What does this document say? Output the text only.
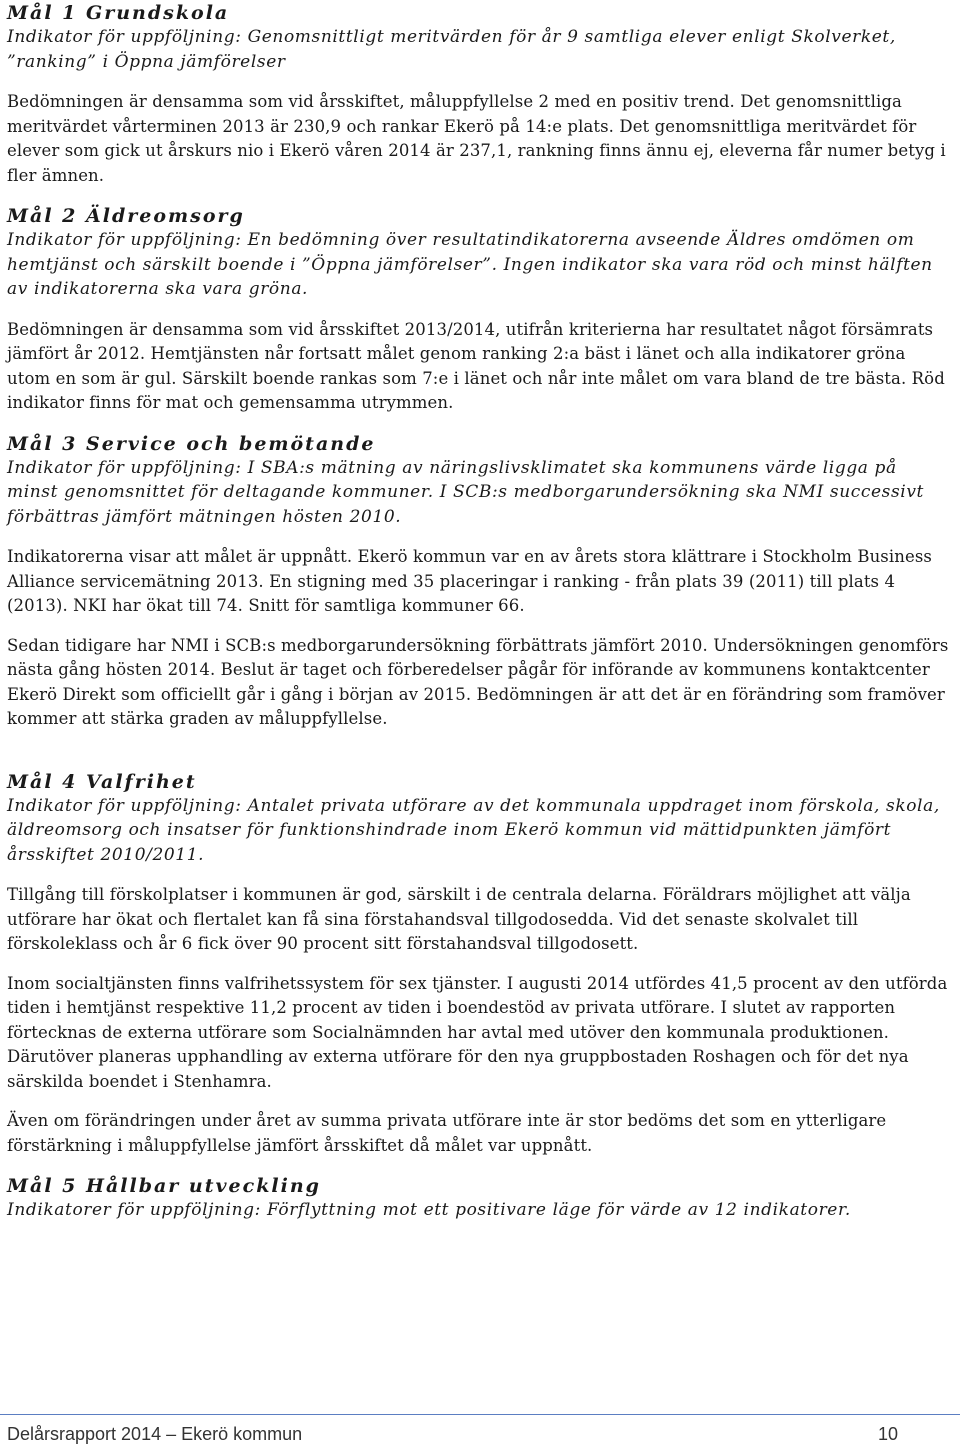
Mål 1 Grundskola

Indikator för uppföljning: Genomsnittligt meritvärden för år 9 samtliga elever enligt Skolverket, ”ranking” i Öppna jämförelser

Bedömningen är densamma som vid årsskiftet, måluppfyllelse 2 med en positiv trend. Det genomsnittliga meritvärdet vårterminen 2013 är 230,9 och rankar Ekerö på 14:e plats. Det genomsnittliga meritvärdet för elever som gick ut årskurs nio i Ekerö våren 2014 är 237,1, rankning finns ännu ej, eleverna får numer betyg i fler ämnen.

Mål 2 Äldreomsorg

Indikator för uppföljning: En bedömning över resultatindikatorerna avseende Äldres omdömen om hemtjänst och särskilt boende i ”Öppna jämförelser”. Ingen indikator ska vara röd och minst hälften av indikatorerna ska vara gröna.

Bedömningen är densamma som vid årsskiftet 2013/2014, utifrån kriterierna har resultatet något försämrats jämfört år 2012. Hemtjänsten når fortsatt målet genom ranking 2:a bäst i länet och alla indikatorer gröna utom en som är gul. Särskilt boende rankas som 7:e i länet och når inte målet om vara bland de tre bästa. Röd indikator finns för mat och gemensamma utrymmen.

Mål 3 Service och bemötande

Indikator för uppföljning: I SBA:s mätning av näringslivsklimatet ska kommunens värde ligga på minst genomsnittet för deltagande kommuner. I SCB:s medborgarundersökning ska NMI successivt förbättras jämfört mätningen hösten 2010.

Indikatorerna visar att målet är uppnått. Ekerö kommun var en av årets stora klättrare i Stockholm Business Alliance servicemätning 2013. En stigning med 35 placeringar i ranking - från plats 39 (2011) till plats 4 (2013). NKI har ökat till 74. Snitt för samtliga kommuner 66.

Sedan tidigare har NMI i SCB:s medborgarundersökning förbättrats jämfört 2010. Undersökningen genomförs nästa gång hösten 2014. Beslut är taget och förberedelser pågår för införande av kommunens kontaktcenter Ekerö Direkt som officiellt går i gång i början av 2015. Bedömningen är att det är en förändring som framöver kommer att stärka graden av måluppfyllelse.

Mål 4 Valfrihet

Indikator för uppföljning: Antalet privata utförare av det kommunala uppdraget inom förskola, skola, äldreomsorg och insatser för funktionshindrade inom Ekerö kommun vid mättidpunkten jämfört årsskiftet 2010/2011.

Tillgång till förskolplatser i kommunen är god, särskilt i de centrala delarna. Föräldrars möjlighet att välja utförare har ökat och flertalet kan få sina förstahandsval tillgodosedda. Vid det senaste skolvalet till förskoleklass och år 6 fick över 90 procent sitt förstahandsval tillgodosett.

Inom socialtjänsten finns valfrihetssystem för sex tjänster. I augusti 2014 utfördes 41,5 procent av den utförda tiden i hemtjänst respektive 11,2 procent av tiden i boendestöd av privata utförare. I slutet av rapporten förtecknas de externa utförare som Socialnämnden har avtal med utöver den kommunala produktionen. Därutöver planeras upphandling av externa utförare för den nya gruppbostaden Roshagen och för det nya särskilda boendet i Stenhamra.

Även om förändringen under året av summa privata utförare inte är stor bedöms det som en ytterligare förstärkning i måluppfyllelse jämfört årsskiftet då målet var uppnått.

Mål 5 Hållbar utveckling

Indikatorer för uppföljning: Förflyttning mot ett positivare läge för värde av 12 indikatorer.

Delårsrapport 2014 – Ekerö kommun	10
